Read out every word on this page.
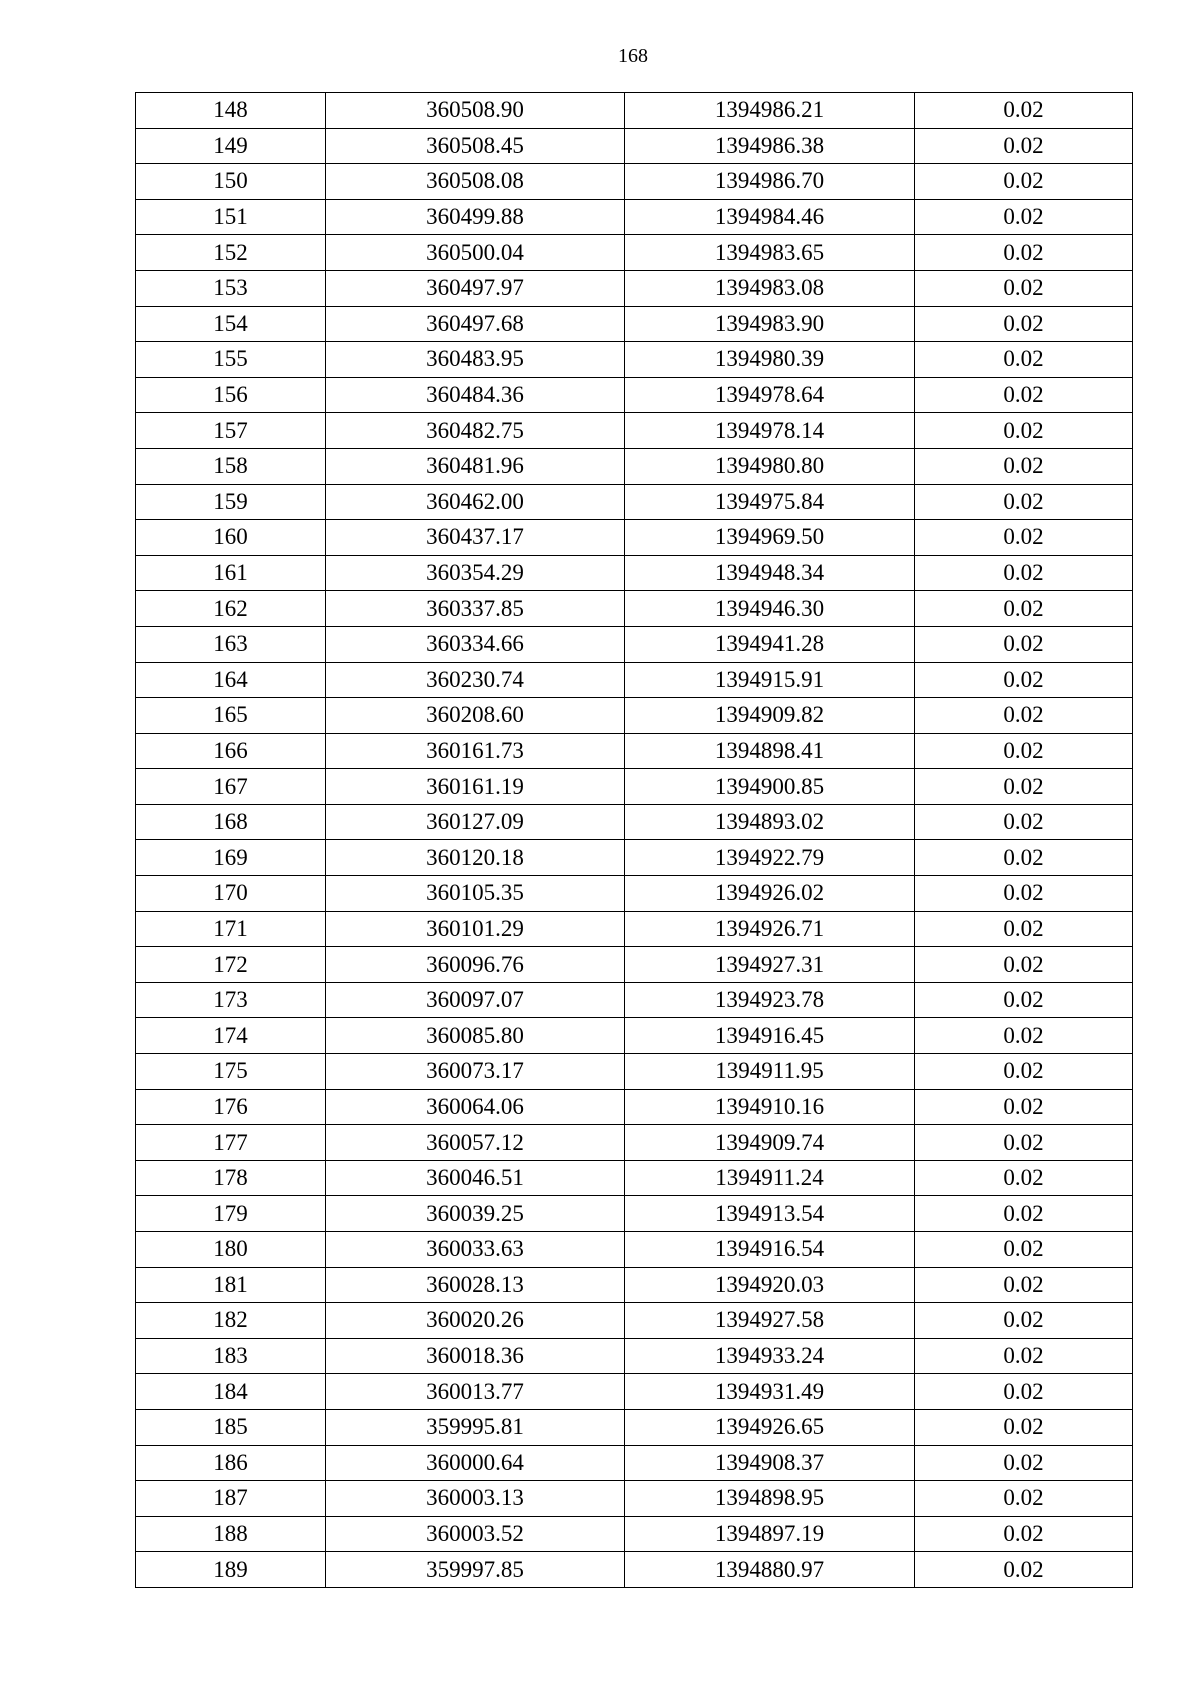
168
148	360508.90	1394986.21	0.02
149	360508.45	1394986.38	0.02
150	360508.08	1394986.70	0.02
151	360499.88	1394984.46	0.02
152	360500.04	1394983.65	0.02
153	360497.97	1394983.08	0.02
154	360497.68	1394983.90	0.02
155	360483.95	1394980.39	0.02
156	360484.36	1394978.64	0.02
157	360482.75	1394978.14	0.02
158	360481.96	1394980.80	0.02
159	360462.00	1394975.84	0.02
160	360437.17	1394969.50	0.02
161	360354.29	1394948.34	0.02
162	360337.85	1394946.30	0.02
163	360334.66	1394941.28	0.02
164	360230.74	1394915.91	0.02
165	360208.60	1394909.82	0.02
166	360161.73	1394898.41	0.02
167	360161.19	1394900.85	0.02
168	360127.09	1394893.02	0.02
169	360120.18	1394922.79	0.02
170	360105.35	1394926.02	0.02
171	360101.29	1394926.71	0.02
172	360096.76	1394927.31	0.02
173	360097.07	1394923.78	0.02
174	360085.80	1394916.45	0.02
175	360073.17	1394911.95	0.02
176	360064.06	1394910.16	0.02
177	360057.12	1394909.74	0.02
178	360046.51	1394911.24	0.02
179	360039.25	1394913.54	0.02
180	360033.63	1394916.54	0.02
181	360028.13	1394920.03	0.02
182	360020.26	1394927.58	0.02
183	360018.36	1394933.24	0.02
184	360013.77	1394931.49	0.02
185	359995.81	1394926.65	0.02
186	360000.64	1394908.37	0.02
187	360003.13	1394898.95	0.02
188	360003.52	1394897.19	0.02
189	359997.85	1394880.97	0.02
